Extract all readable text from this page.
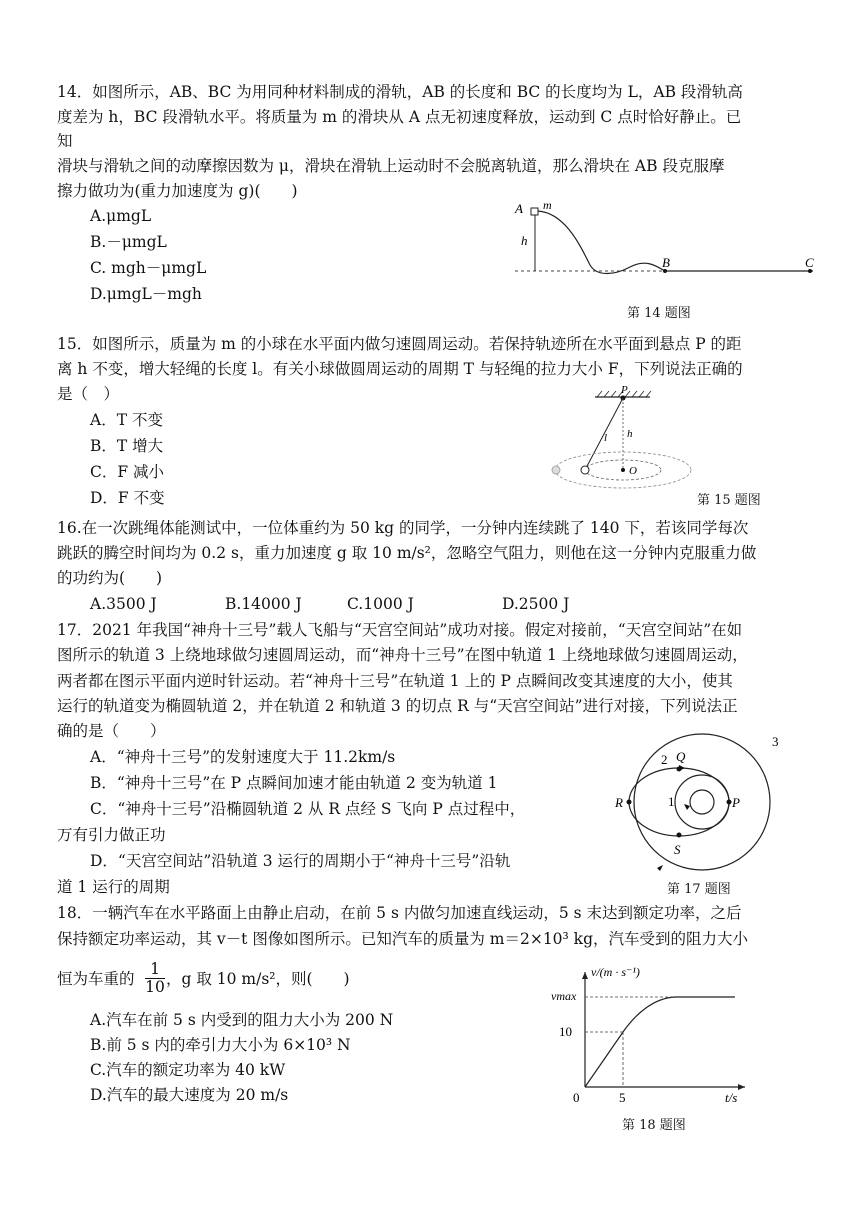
14．如图所示，AB、BC 为用同种材料制成的滑轨，AB 的长度和 BC 的长度均为 L，AB 段滑轨高
度差为 h，BC 段滑轨水平。将质量为 m 的滑块从 A 点无初速度释放，运动到 C 点时恰好静止。已
知
滑块与滑轨之间的动摩擦因数为 μ，滑块在滑轨上运动时不会脱离轨道，那么滑块在 AB 段克服摩
擦力做功为(重力加速度为 g)(　　)
A.μmgL
B.－μmgL
C. mgh－μmgL
D.μmgL－mgh
A m
h
B	C
第 14 题图
15．如图所示，质量为 m 的小球在水平面内做匀速圆周运动。若保持轨迹所在水平面到悬点 P 的距
离 h 不变，增大轻绳的长度 l。有关小球做圆周运动的周期 T 与轻绳的拉力大小 F，下列说法正确的
是（　）
A．T 不变
B．T 增大
C．F 减小
D．F 不变
P
l h
O
第 15 题图
16.在一次跳绳体能测试中，一位体重约为 50 kg 的同学，一分钟内连续跳了 140 下，若该同学每次
跳跃的腾空时间均为 0.2 s，重力加速度 g 取 10 m/s²，忽略空气阻力，则他在这一分钟内克服重力做
的功约为(　　)
A.3500 J	B.14000 J	C.1000 J	D.2500 J
17．2021 年我国“神舟十三号”载人飞船与“天宫空间站”成功对接。假定对接前，“天宫空间站”在如
图所示的轨道 3 上绕地球做匀速圆周运动，而“神舟十三号”在图中轨道 1 上绕地球做匀速圆周运动，
两者都在图示平面内逆时针运动。若“神舟十三号”在轨道 1 上的 P 点瞬间改变其速度的大小，使其
运行的轨道变为椭圆轨道 2，并在轨道 2 和轨道 3 的切点 R 与“天宫空间站”进行对接，下列说法正
确的是（　　）
A．“神舟十三号”的发射速度大于 11.2km/s
B．“神舟十三号”在 P 点瞬间加速才能由轨道 2 变为轨道 1
C．“神舟十三号”沿椭圆轨道 2 从 R 点经 S 飞向 P 点过程中，
万有引力做正功
D．“天宫空间站”沿轨道 3 运行的周期小于“神舟十三号”沿轨
道 1 运行的周期
3
2
1
Q
R	P
S
第 17 题图
18．一辆汽车在水平路面上由静止启动，在前 5 s 内做匀加速直线运动，5 s 末达到额定功率，之后
保持额定功率运动，其 v－t 图像如图所示。已知汽车的质量为 m＝2×10³ kg，汽车受到的阻力大小
恒为车重的 $\frac{1}{10}$ ，g 取 10 m/s²，则(　　)
A.汽车在前 5 s 内受到的阻力大小为 200 N
B.前 5 s 内的牵引力大小为 6×10³ N
C.汽车的额定功率为 40 kW
D.汽车的最大速度为 20 m/s
v/(m · s⁻¹)
vmax
10
5
0	t/s
第 18 题图
